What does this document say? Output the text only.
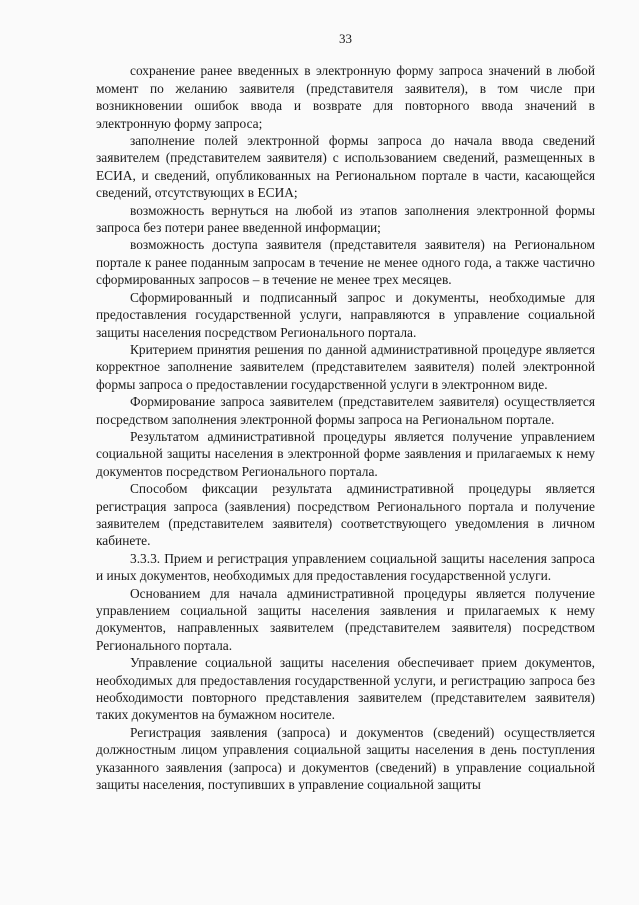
33

сохранение ранее введенных в электронную форму запроса значений в любой момент по желанию заявителя (представителя заявителя), в том числе при возникновении ошибок ввода и возврате для повторного ввода значений в электронную форму запроса;

заполнение полей электронной формы запроса до начала ввода сведений заявителем (представителем заявителя) с использованием сведений, размещенных в ЕСИА, и сведений, опубликованных на Региональном портале в части, касающейся сведений, отсутствующих в ЕСИА;

возможность вернуться на любой из этапов заполнения электронной формы запроса без потери ранее введенной информации;

возможность доступа заявителя (представителя заявителя) на Региональном портале к ранее поданным запросам в течение не менее одного года, а также частично сформированных запросов – в течение не менее трех месяцев.

Сформированный и подписанный запрос и документы, необходимые для предоставления государственной услуги, направляются в управление социальной защиты населения посредством Регионального портала.

Критерием принятия решения по данной административной процедуре является корректное заполнение заявителем (представителем заявителя) полей электронной формы запроса о предоставлении государственной услуги в электронном виде.

Формирование запроса заявителем (представителем заявителя) осуществляется посредством заполнения электронной формы запроса на Региональном портале.

Результатом административной процедуры является получение управлением социальной защиты населения в электронной форме заявления и прилагаемых к нему документов посредством Регионального портала.

Способом фиксации результата административной процедуры является регистрация запроса (заявления) посредством Регионального портала и получение заявителем (представителем заявителя) соответствующего уведомления в личном кабинете.

3.3.3. Прием и регистрация управлением социальной защиты населения запроса и иных документов, необходимых для предоставления государственной услуги.

Основанием для начала административной процедуры является получение управлением социальной защиты населения заявления и прилагаемых к нему документов, направленных заявителем (представителем заявителя) посредством Регионального портала.

Управление социальной защиты населения обеспечивает прием документов, необходимых для предоставления государственной услуги, и регистрацию запроса без необходимости повторного представления заявителем (представителем заявителя) таких документов на бумажном носителе.

Регистрация заявления (запроса) и документов (сведений) осуществляется должностным лицом управления социальной защиты населения в день поступления указанного заявления (запроса) и документов (сведений) в управление социальной защиты населения, поступивших в управление социальной защиты
